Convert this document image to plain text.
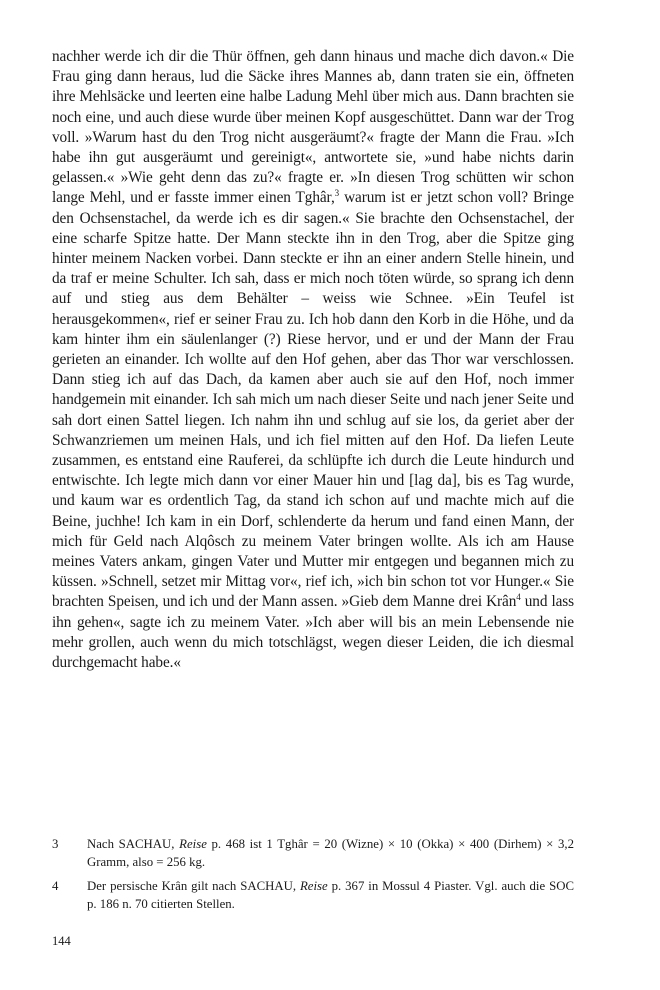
nachher werde ich dir die Thür öffnen, geh dann hinaus und mache dich davon.« Die Frau ging dann heraus, lud die Säcke ihres Mannes ab, dann traten sie ein, öffneten ihre Mehlsäcke und leerten eine halbe Ladung Mehl über mich aus. Dann brachten sie noch eine, und auch diese wurde über meinen Kopf ausgeschüttet. Dann war der Trog voll. »Warum hast du den Trog nicht ausgeräumt?« fragte der Mann die Frau. »Ich habe ihn gut ausgeräumt und gereinigt«, antwortete sie, »und habe nichts darin gelassen.« »Wie geht denn das zu?« fragte er. »In diesen Trog schütten wir schon lange Mehl, und er fasste immer einen Tghâr,$^3$ warum ist er jetzt schon voll? Bringe den Ochsenstachel, da werde ich es dir sagen.« Sie brachte den Ochsenstachel, der eine scharfe Spitze hatte. Der Mann steckte ihn in den Trog, aber die Spitze ging hinter meinem Nacken vorbei. Dann steckte er ihn an einer andern Stelle hinein, und da traf er meine Schulter. Ich sah, dass er mich noch töten würde, so sprang ich denn auf und stieg aus dem Behälter – weiss wie Schnee. »Ein Teufel ist herausgekommen«, rief er seiner Frau zu. Ich hob dann den Korb in die Höhe, und da kam hinter ihm ein säulenlanger (?) Riese hervor, und er und der Mann der Frau gerieten an einander. Ich wollte auf den Hof gehen, aber das Thor war verschlossen. Dann stieg ich auf das Dach, da kamen aber auch sie auf den Hof, noch immer handgemein mit einander. Ich sah mich um nach dieser Seite und nach jener Seite und sah dort einen Sattel liegen. Ich nahm ihn und schlug auf sie los, da geriet aber der Schwanzriemen um meinen Hals, und ich fiel mitten auf den Hof. Da liefen Leute zusammen, es entstand eine Rauferei, da schlüpfte ich durch die Leute hindurch und entwischte. Ich legte mich dann vor einer Mauer hin und [lag da], bis es Tag wurde, und kaum war es ordentlich Tag, da stand ich schon auf und machte mich auf die Beine, juchhe! Ich kam in ein Dorf, schlenderte da herum und fand einen Mann, der mich für Geld nach Alqôsch zu meinem Vater bringen wollte. Als ich am Hause meines Vaters ankam, gingen Vater und Mutter mir entgegen und begannen mich zu küssen. »Schnell, setzet mir Mittag vor«, rief ich, »ich bin schon tot vor Hunger.« Sie brachten Speisen, und ich und der Mann assen. »Gieb dem Manne drei Krân$^4$ und lass ihn gehen«, sagte ich zu meinem Vater. »Ich aber will bis an mein Lebensende nie mehr grollen, auch wenn du mich totschlägst, wegen dieser Leiden, die ich diesmal durchgemacht habe.«

3 Nach SACHAU, Reise p. 468 ist 1 Tghâr = 20 (Wizne) × 10 (Okka) × 400 (Dirhem) × 3,2 Gramm, also = 256 kg.
4 Der persische Krân gilt nach SACHAU, Reise p. 367 in Mossul 4 Piaster. Vgl. auch die SOC p. 186 n. 70 citierten Stellen.
144
